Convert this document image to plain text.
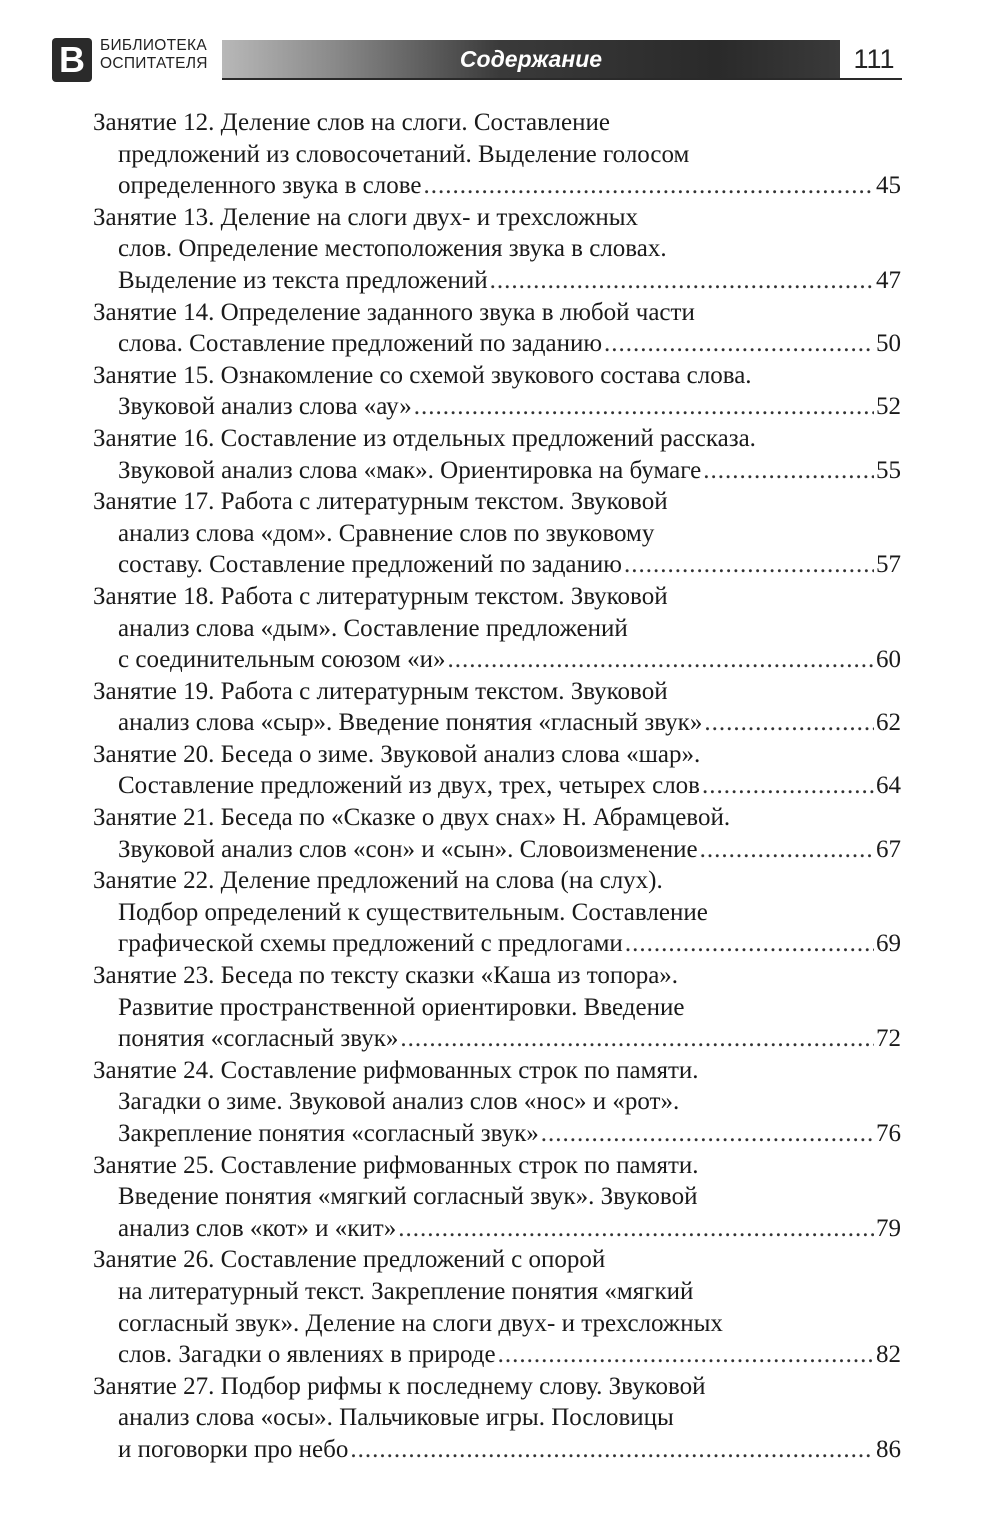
В БИБЛИОТЕКА
ОСПИТАТЕЛЯ	Содержание	111
Занятие 12. Деление слов на слоги. Составление
предложений из словосочетаний. Выделение голосом
определенного звука в слове .....	45
Занятие 13. Деление на слоги двух- и трехсложных
слов. Определение местоположения звука в словах.
Выделение из текста предложений .....	47
Занятие 14. Определение заданного звука в любой части
слова. Составление предложений по заданию .....	50
Занятие 15. Ознакомление со схемой звукового состава слова.
Звуковой анализ слова «ау» .....	52
Занятие 16. Составление из отдельных предложений рассказа.
Звуковой анализ слова «мак». Ориентировка на бумаге .....	55
Занятие 17. Работа с литературным текстом. Звуковой
анализ слова «дом». Сравнение слов по звуковому
составу. Составление предложений по заданию .....	57
Занятие 18. Работа с литературным текстом. Звуковой
анализ слова «дым». Составление предложений
с соединительным союзом «и» .....	60
Занятие 19. Работа с литературным текстом. Звуковой
анализ слова «сыр». Введение понятия «гласный звук» .....	62
Занятие 20. Беседа о зиме. Звуковой анализ слова «шар».
Составление предложений из двух, трех, четырех слов .....	64
Занятие 21. Беседа по «Сказке о двух снах» Н. Абрамцевой.
Звуковой анализ слов «сон» и «сын». Словоизменение .....	67
Занятие 22. Деление предложений на слова (на слух).
Подбор определений к существительным. Составление
графической схемы предложений с предлогами .....	69
Занятие 23. Беседа по тексту сказки «Каша из топора».
Развитие пространственной ориентировки. Введение
понятия «согласный звук» .....	72
Занятие 24. Составление рифмованных строк по памяти.
Загадки о зиме. Звуковой анализ слов «нос» и «рот».
Закрепление понятия «согласный звук» .....	76
Занятие 25. Составление рифмованных строк по памяти.
Введение понятия «мягкий согласный звук». Звуковой
анализ слов «кот» и «кит» .....	79
Занятие 26. Составление предложений с опорой
на литературный текст. Закрепление понятия «мягкий
согласный звук». Деление на слоги двух- и трехсложных
слов. Загадки о явлениях в природе .....	82
Занятие 27. Подбор рифмы к последнему слову. Звуковой
анализ слова «осы». Пальчиковые игры. Пословицы
и поговорки про небо .....	86
